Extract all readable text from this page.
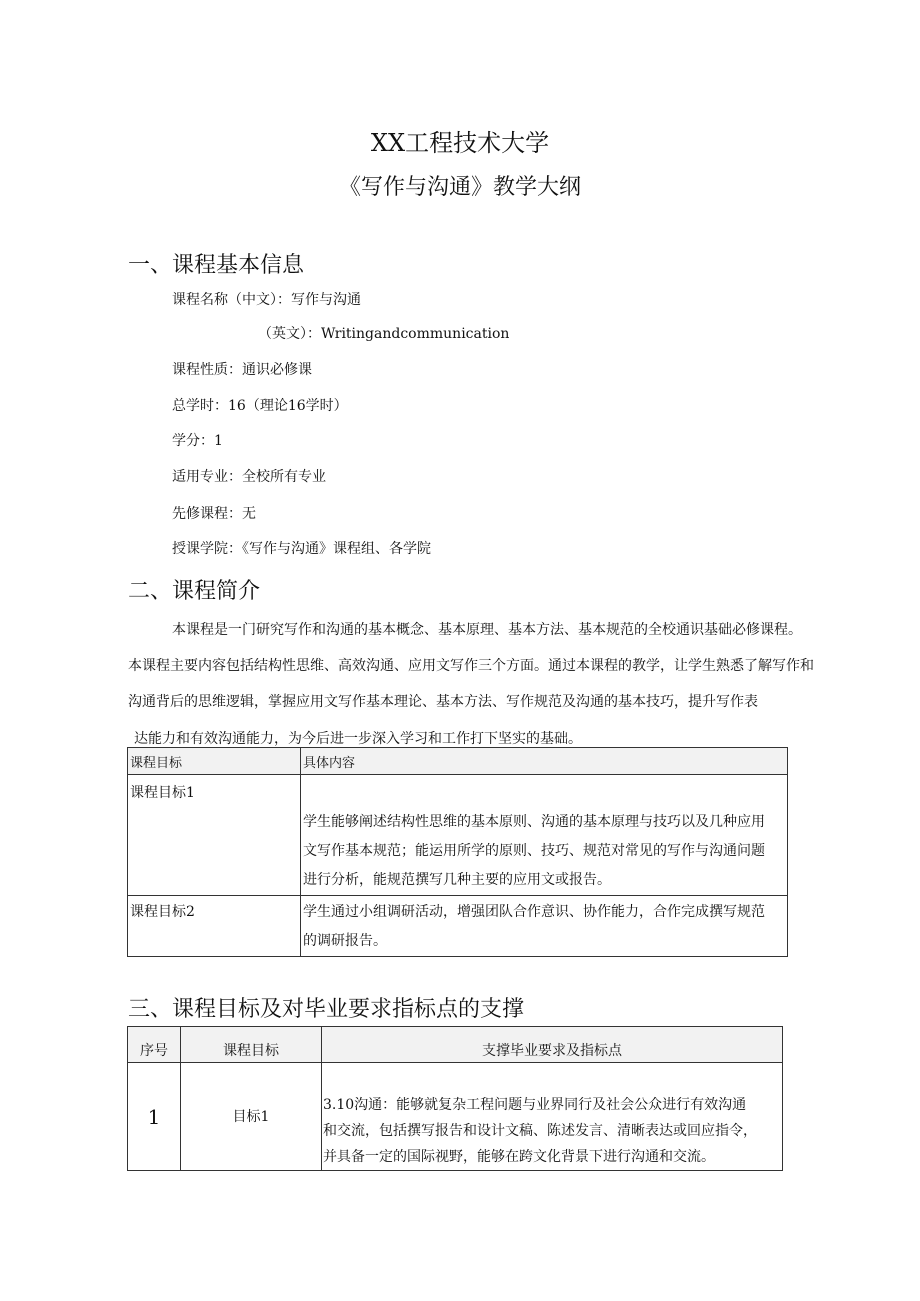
XX工程技术大学
《写作与沟通》教学大纲
一、课程基本信息
课程名称（中文）：写作与沟通
（英文）：Writingandcommunication
课程性质：通识必修课
总学时：16（理论16学时）
学分：1
适用专业：全校所有专业
先修课程：无
授课学院：《写作与沟通》课程组、各学院
二、课程简介
本课程是一门研究写作和沟通的基本概念、基本原理、基本方法、基本规范的全校通识基础必修课程。
本课程主要内容包括结构性思维、高效沟通、应用文写作三个方面。通过本课程的教学，让学生熟悉了解写作和
沟通背后的思维逻辑，掌握应用文写作基本理论、基本方法、写作规范及沟通的基本技巧，提升写作表
达能力和有效沟通能力，为今后进一步深入学习和工作打下坚实的基础。
课程目标	具体内容
课程目标1	学生能够阐述结构性思维的基本原则、沟通的基本原理与技巧以及几种应用
文写作基本规范；能运用所学的原则、技巧、规范对常见的写作与沟通问题
进行分析，能规范撰写几种主要的应用文或报告。

课程目标2	学生通过小组调研活动，增强团队合作意识、协作能力，合作完成撰写规范
的调研报告。
三、课程目标及对毕业要求指标点的支撑
序号	课程目标	支撑毕业要求及指标点
1	目标1	3.10沟通：能够就复杂工程问题与业界同行及社会公众进行有效沟通
和交流，包括撰写报告和设计文稿、陈述发言、清晰表达或回应指令，
并具备一定的国际视野，能够在跨文化背景下进行沟通和交流。
